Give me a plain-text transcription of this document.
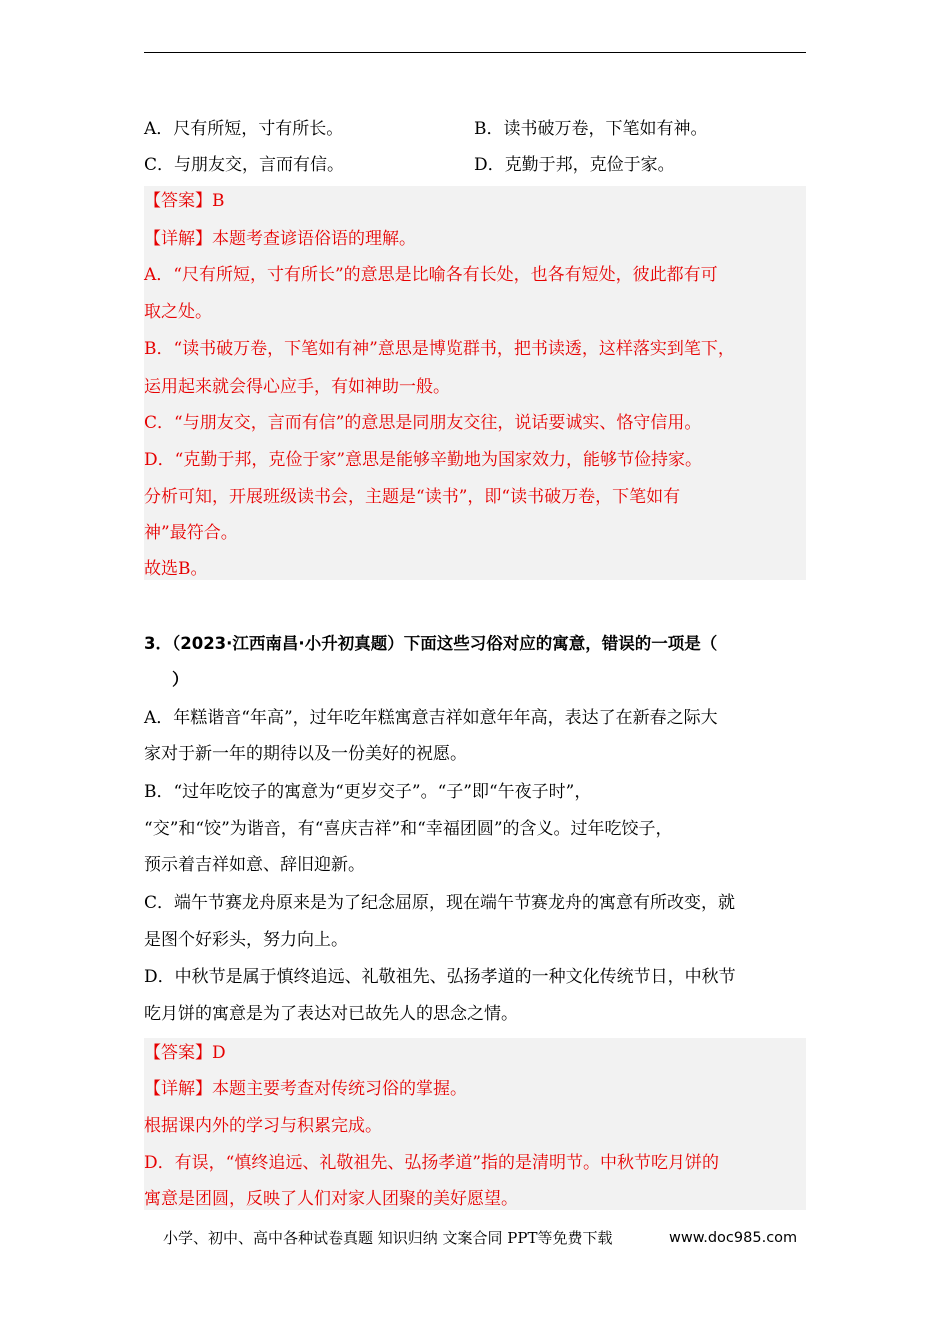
A．尺有所短，寸有所长。	B．读书破万卷，下笔如有神。
C．与朋友交，言而有信。	D．克勤于邦，克俭于家。
【答案】B
【详解】本题考查谚语俗语的理解。
A．“尺有所短，寸有所长”的意思是比喻各有长处，也各有短处，彼此都有可
取之处。
B．“读书破万卷，下笔如有神”意思是博览群书，把书读透，这样落实到笔下，
运用起来就会得心应手，有如神助一般。
C．“与朋友交，言而有信”的意思是同朋友交往，说话要诚实、恪守信用。
D．“克勤于邦，克俭于家”意思是能够辛勤地为国家效力，能够节俭持家。
分析可知，开展班级读书会，主题是“读书”，即“读书破万卷，下笔如有
神”最符合。
故选B。
3．（2023·江西南昌·小升初真题）下面这些习俗对应的寓意，错误的一项是（
）
A．年糕谐音“年高”，过年吃年糕寓意吉祥如意年年高，表达了在新春之际大
家对于新一年的期待以及一份美好的祝愿。
B．“过年吃饺子的寓意为“更岁交子”。“子”即“午夜子时”，
“交”和“饺”为谐音，有“喜庆吉祥”和“幸福团圆”的含义。过年吃饺子，
预示着吉祥如意、辞旧迎新。
C．端午节赛龙舟原来是为了纪念屈原，现在端午节赛龙舟的寓意有所改变，就
是图个好彩头，努力向上。
D．中秋节是属于慎终追远、礼敬祖先、弘扬孝道的一种文化传统节日，中秋节
吃月饼的寓意是为了表达对已故先人的思念之情。
【答案】D
【详解】本题主要考查对传统习俗的掌握。
根据课内外的学习与积累完成。
D．有误，“慎终追远、礼敬祖先、弘扬孝道”指的是清明节。中秋节吃月饼的
寓意是团圆，反映了人们对家人团聚的美好愿望。
小学、初中、高中各种试卷真题 知识归纳 文案合同 PPT等免费下载	www.doc985.com
